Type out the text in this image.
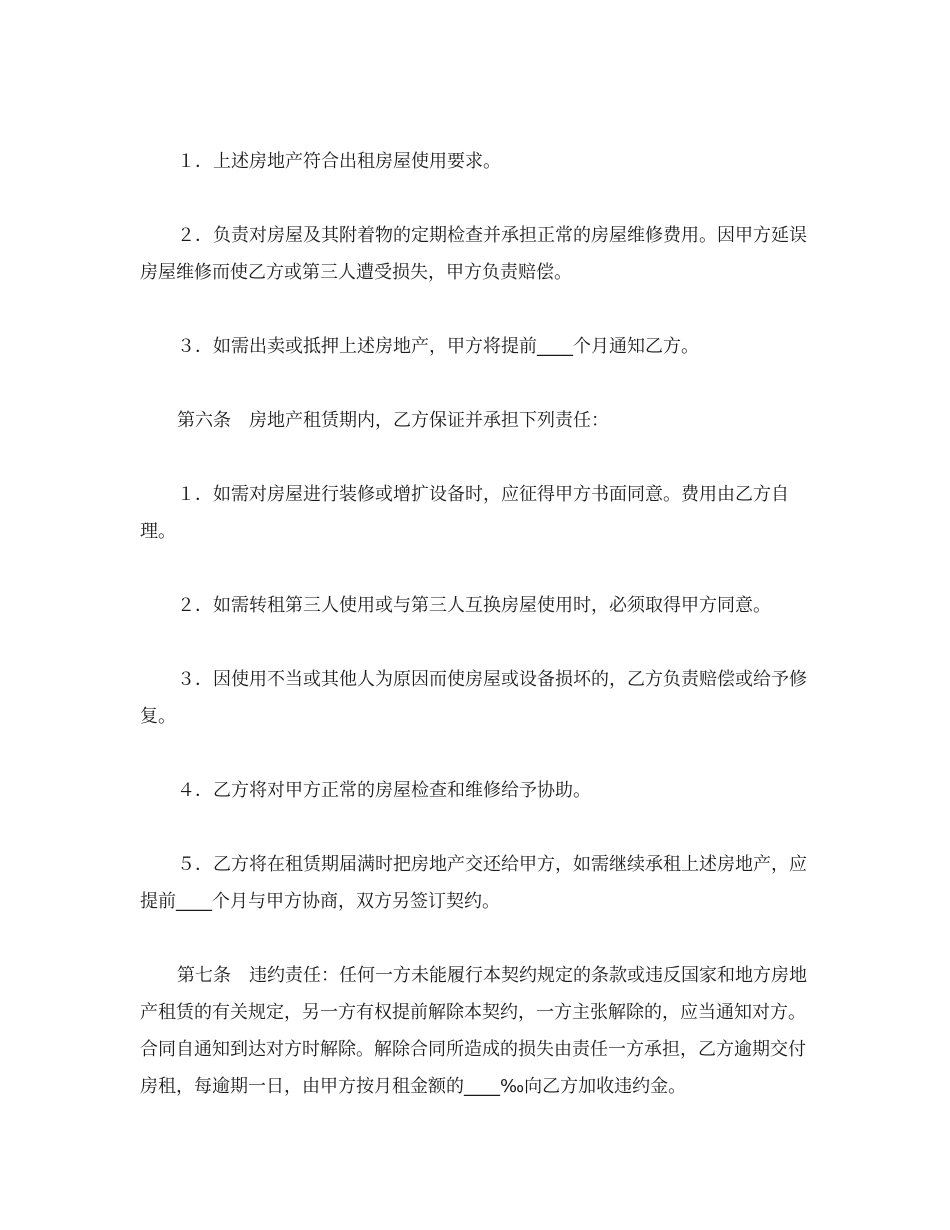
１．上述房地产符合出租房屋使用要求。

２．负责对房屋及其附着物的定期检查并承担正常的房屋维修费用。因甲方延误房屋维修而使乙方或第三人遭受损失，甲方负责赔偿。

３．如需出卖或抵押上述房地产，甲方将提前____个月通知乙方。

第六条　房地产租赁期内，乙方保证并承担下列责任：

１．如需对房屋进行装修或增扩设备时，应征得甲方书面同意。费用由乙方自理。

２．如需转租第三人使用或与第三人互换房屋使用时，必须取得甲方同意。

３．因使用不当或其他人为原因而使房屋或设备损坏的，乙方负责赔偿或给予修复。

４．乙方将对甲方正常的房屋检查和维修给予协助。

５．乙方将在租赁期届满时把房地产交还给甲方，如需继续承租上述房地产，应提前____个月与甲方协商，双方另签订契约。

第七条　违约责任：任何一方未能履行本契约规定的条款或违反国家和地方房地产租赁的有关规定，另一方有权提前解除本契约，一方主张解除的，应当通知对方。合同自通知到达对方时解除。解除合同所造成的损失由责任一方承担，乙方逾期交付房租，每逾期一日，由甲方按月租金额的____‰向乙方加收违约金。
